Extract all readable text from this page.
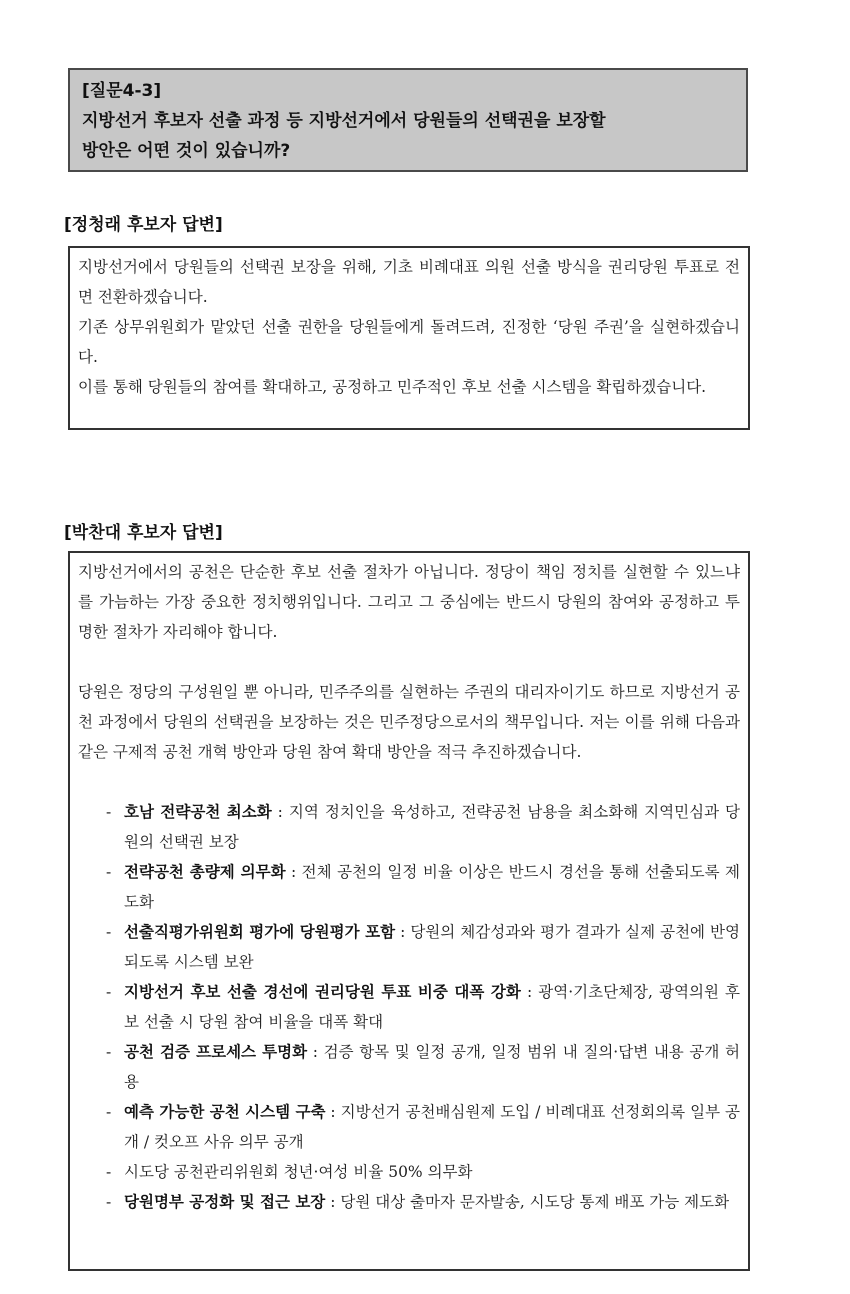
[질문4-3]
지방선거 후보자 선출 과정 등 지방선거에서 당원들의 선택권을 보장할
방안은 어떤 것이 있습니까?
[정청래 후보자 답변]
지방선거에서 당원들의 선택권 보장을 위해, 기초 비례대표 의원 선출 방식을 권리당원 투표로 전면 전환하겠습니다.
기존 상무위원회가 맡았던 선출 권한을 당원들에게 돌려드려, 진정한 ‘당원 주권’을 실현하겠습니다.
이를 통해 당원들의 참여를 확대하고, 공정하고 민주적인 후보 선출 시스템을 확립하겠습니다.
[박찬대 후보자 답변]
지방선거에서의 공천은 단순한 후보 선출 절차가 아닙니다. 정당이 책임 정치를 실현할 수 있느냐를 가늠하는 가장 중요한 정치행위입니다. 그리고 그 중심에는 반드시 당원의 참여와 공정하고 투명한 절차가 자리해야 합니다.
당원은 정당의 구성원일 뿐 아니라, 민주주의를 실현하는 주권의 대리자이기도 하므로 지방선거 공천 과정에서 당원의 선택권을 보장하는 것은 민주정당으로서의 책무입니다. 저는 이를 위해 다음과 같은 구제적 공천 개혁 방안과 당원 참여 확대 방안을 적극 추진하겠습니다.
- 호남 전략공천 최소화 : 지역 정치인을 육성하고, 전략공천 남용을 최소화해 지역민심과 당원의 선택권 보장
- 전략공천 총량제 의무화 : 전체 공천의 일정 비율 이상은 반드시 경선을 통해 선출되도록 제도화
- 선출직평가위원회 평가에 당원평가 포함 : 당원의 체감성과와 평가 결과가 실제 공천에 반영되도록 시스템 보완
- 지방선거 후보 선출 경선에 권리당원 투표 비중 대폭 강화 : 광역·기초단체장, 광역의원 후보 선출 시 당원 참여 비율을 대폭 확대
- 공천 검증 프로세스 투명화 : 검증 항목 및 일정 공개, 일정 범위 내 질의·답변 내용 공개 허용
- 예측 가능한 공천 시스템 구축 : 지방선거 공천배심원제 도입 / 비례대표 선정회의록 일부 공개 / 컷오프 사유 의무 공개
- 시도당 공천관리위원회 청년·여성 비율 50% 의무화
- 당원명부 공정화 및 접근 보장 : 당원 대상 출마자 문자발송, 시도당 통제 배포 가능 제도화
